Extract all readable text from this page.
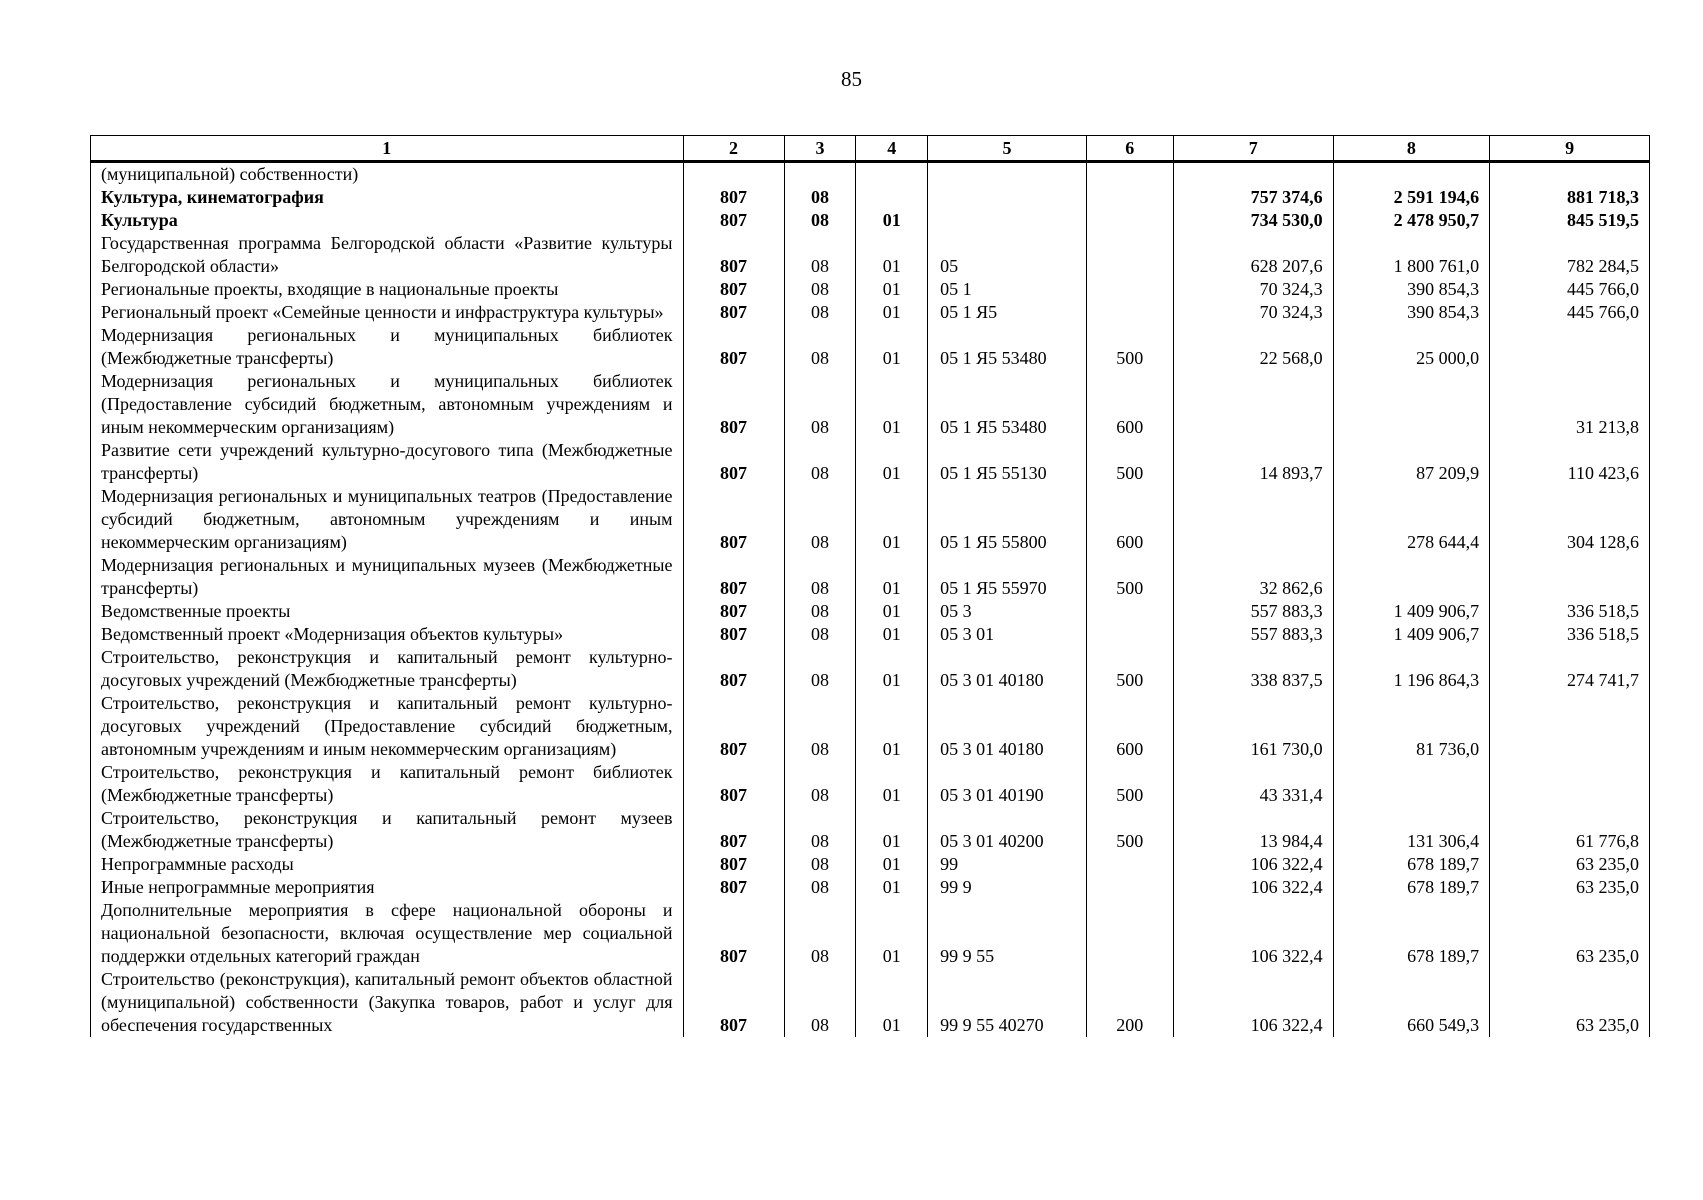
85
1	2	3	4	5	6	7	8	9
(муниципальной) собственности)								
Культура, кинематография	807	08				757 374,6	2 591 194,6	881 718,3
Культура	807	08	01			734 530,0	2 478 950,7	845 519,5
Государственная программа Белгородской области «Развитие культуры Белгородской области»	807	08	01	05		628 207,6	1 800 761,0	782 284,5
Региональные проекты, входящие в национальные проекты	807	08	01	05 1		70 324,3	390 854,3	445 766,0
Региональный проект «Семейные ценности и инфраструктура культуры»	807	08	01	05 1 Я5		70 324,3	390 854,3	445 766,0
Модернизация региональных и муниципальных библиотек (Межбюджетные трансферты)	807	08	01	05 1 Я5 53480	500	22 568,0	25 000,0	
Модернизация региональных и муниципальных библиотек (Предоставление субсидий бюджетным, автономным учреждениям и иным некоммерческим организациям)	807	08	01	05 1 Я5 53480	600			31 213,8
Развитие сети учреждений культурно-досугового типа (Межбюджетные трансферты)	807	08	01	05 1 Я5 55130	500	14 893,7	87 209,9	110 423,6
Модернизация региональных и муниципальных театров (Предоставление субсидий бюджетным, автономным учреждениям и иным некоммерческим организациям)	807	08	01	05 1 Я5 55800	600		278 644,4	304 128,6
Модернизация региональных и муниципальных музеев (Межбюджетные трансферты)	807	08	01	05 1 Я5 55970	500	32 862,6		
Ведомственные проекты	807	08	01	05 3		557 883,3	1 409 906,7	336 518,5
Ведомственный проект «Модернизация объектов культуры»	807	08	01	05 3 01		557 883,3	1 409 906,7	336 518,5
Строительство, реконструкция и капитальный ремонт культурно-досуговых учреждений (Межбюджетные трансферты)	807	08	01	05 3 01 40180	500	338 837,5	1 196 864,3	274 741,7
Строительство, реконструкция и капитальный ремонт культурно-досуговых учреждений (Предоставление субсидий бюджетным, автономным учреждениям и иным некоммерческим организациям)	807	08	01	05 3 01 40180	600	161 730,0	81 736,0	
Строительство, реконструкция и капитальный ремонт библиотек (Межбюджетные трансферты)	807	08	01	05 3 01 40190	500	43 331,4		
Строительство, реконструкция и капитальный ремонт музеев (Межбюджетные трансферты)	807	08	01	05 3 01 40200	500	13 984,4	131 306,4	61 776,8
Непрограммные расходы	807	08	01	99		106 322,4	678 189,7	63 235,0
Иные непрограммные мероприятия	807	08	01	99 9		106 322,4	678 189,7	63 235,0
Дополнительные мероприятия в сфере национальной обороны и национальной безопасности, включая осуществление мер социальной поддержки отдельных категорий граждан	807	08	01	99 9 55		106 322,4	678 189,7	63 235,0
Строительство (реконструкция), капитальный ремонт объектов областной (муниципальной) собственности (Закупка товаров, работ и услуг для обеспечения государственных	807	08	01	99 9 55 40270	200	106 322,4	660 549,3	63 235,0
